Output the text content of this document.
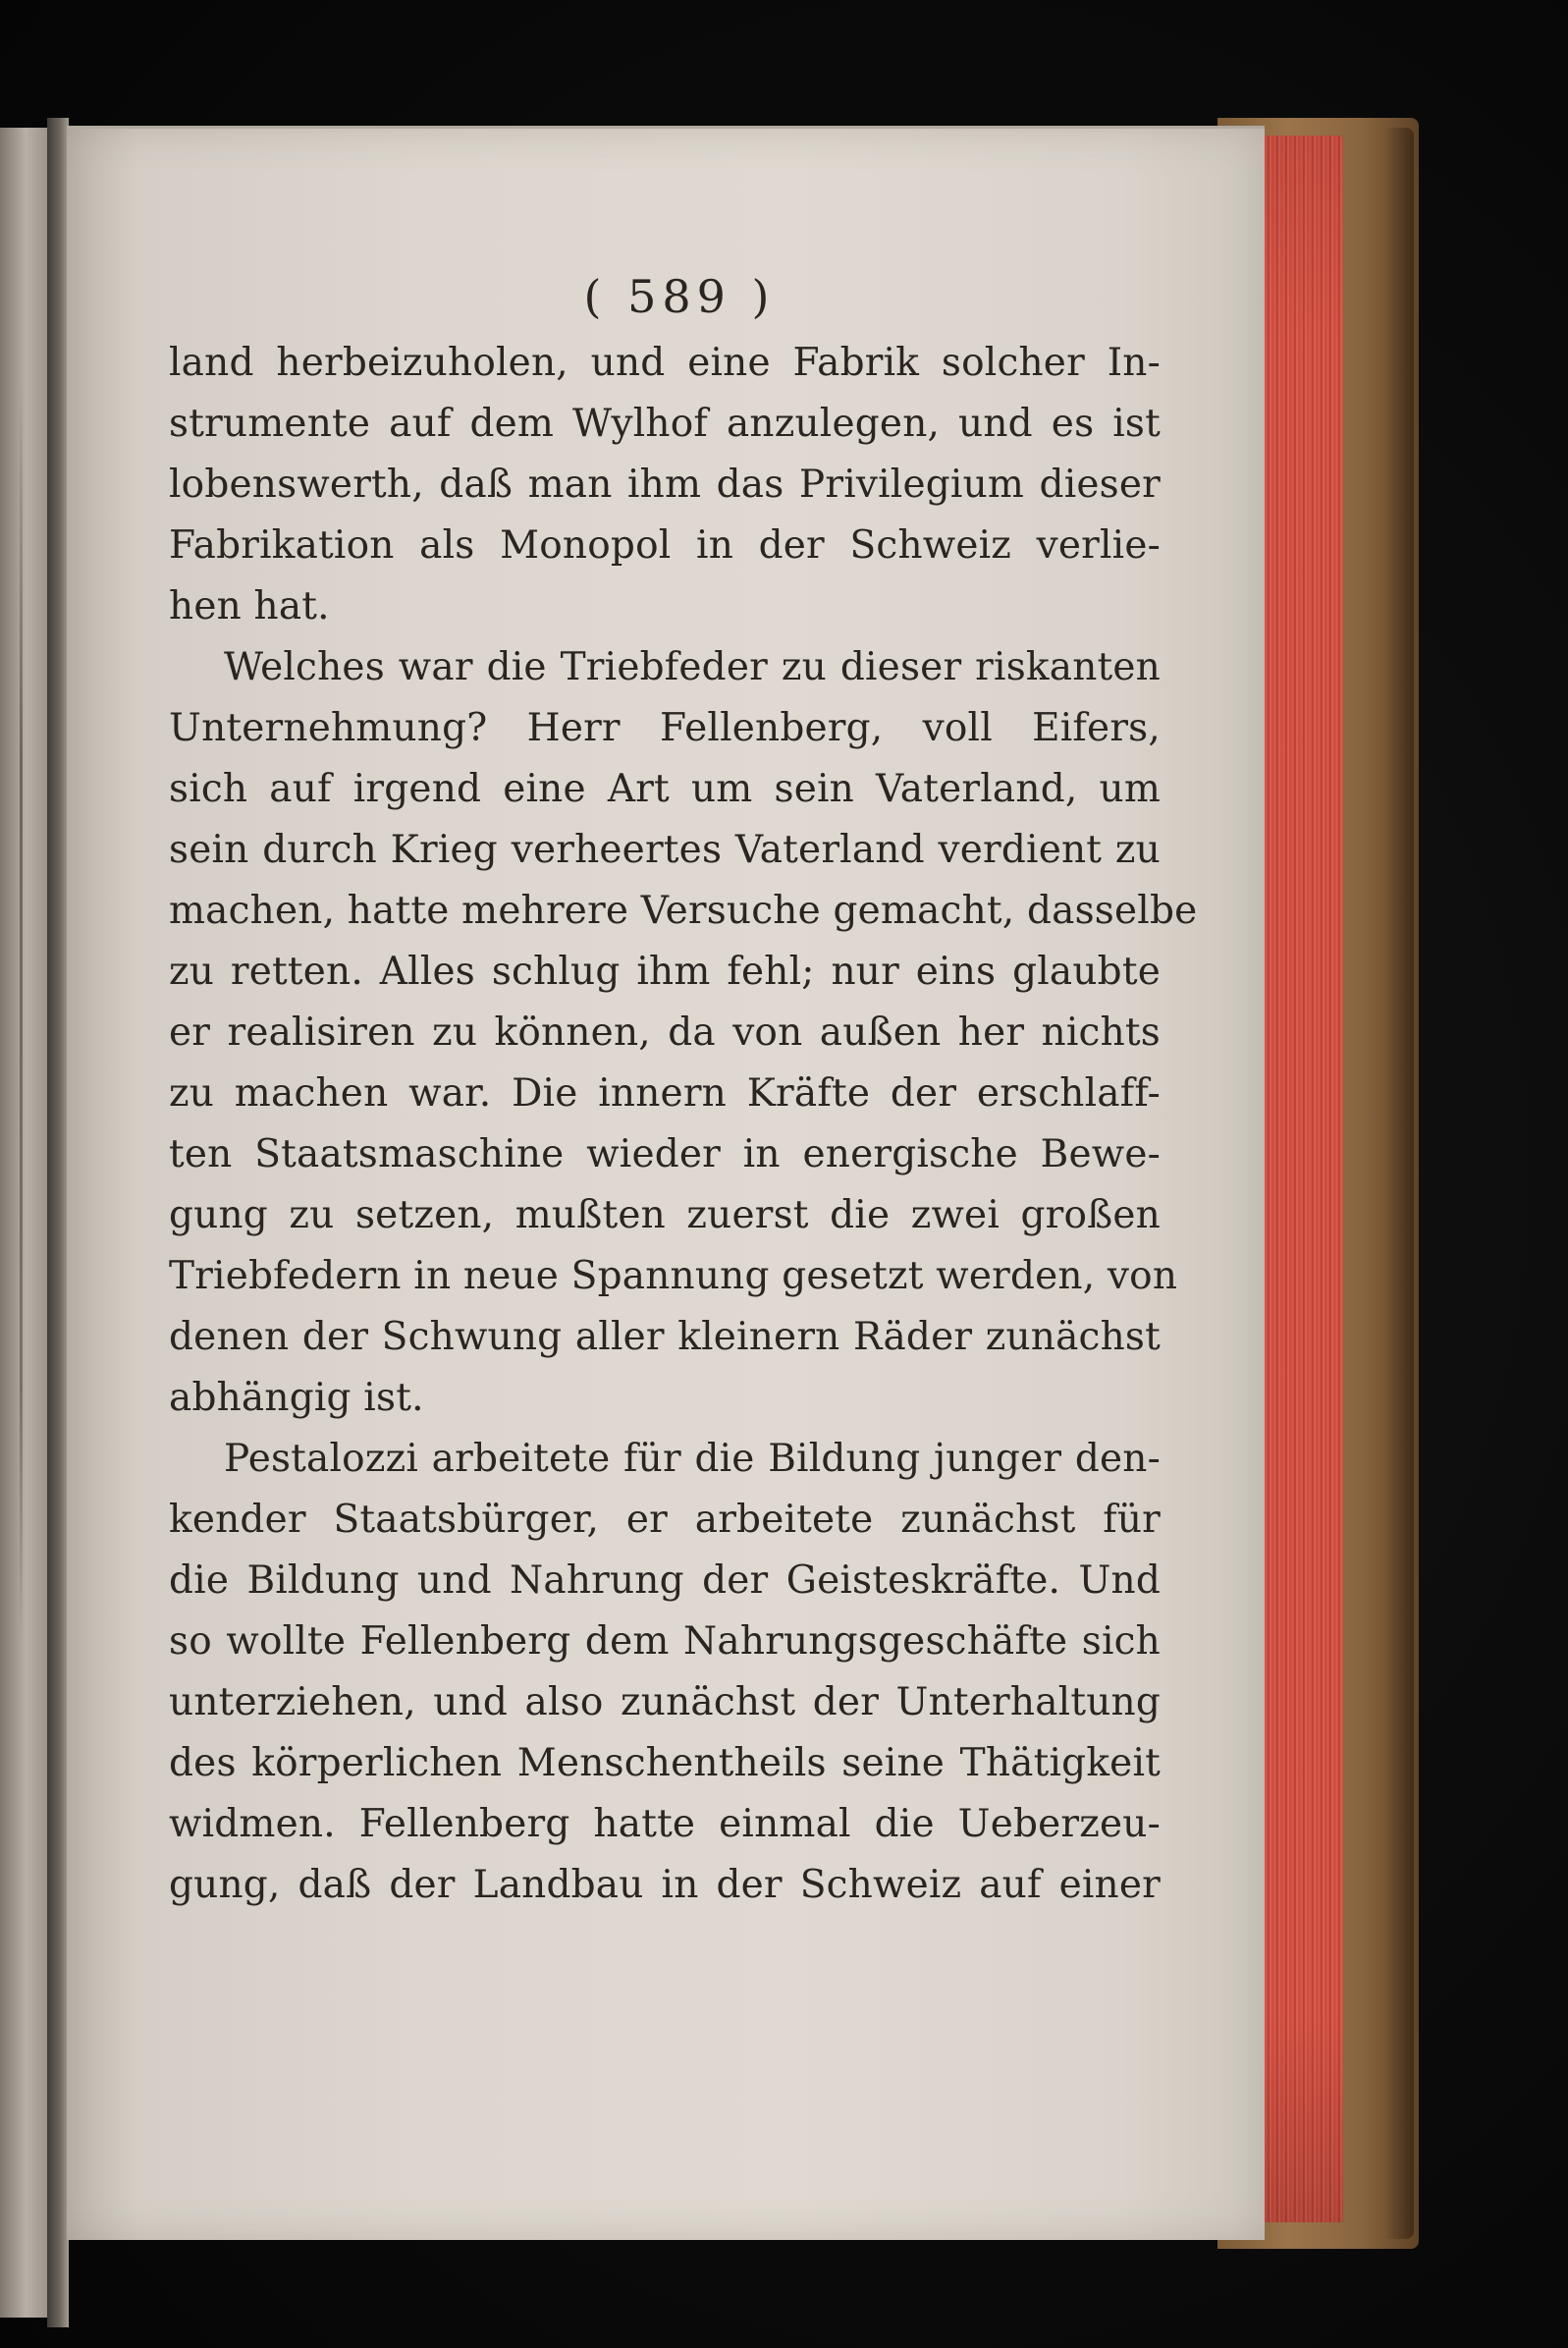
( 589 )
land herbeizuholen, und eine Fabrik solcher In-
strumente auf dem Wylhof anzulegen, und es ist
lobenswerth, daß man ihm das Privilegium dieser
Fabrikation als Monopol in der Schweiz verlie-
hen hat.
Welches war die Triebfeder zu dieser riskanten
Unternehmung? Herr Fellenberg, voll Eifers,
sich auf irgend eine Art um sein Vaterland, um
sein durch Krieg verheertes Vaterland verdient zu
machen, hatte mehrere Versuche gemacht, dasselbe
zu retten. Alles schlug ihm fehl; nur eins glaubte
er realisiren zu können, da von außen her nichts
zu machen war. Die innern Kräfte der erschlaff-
ten Staatsmaschine wieder in energische Bewe-
gung zu setzen, mußten zuerst die zwei großen
Triebfedern in neue Spannung gesetzt werden, von
denen der Schwung aller kleinern Räder zunächst
abhängig ist.
Pestalozzi arbeitete für die Bildung junger den-
kender Staatsbürger, er arbeitete zunächst für
die Bildung und Nahrung der Geisteskräfte. Und
so wollte Fellenberg dem Nahrungsgeschäfte sich
unterziehen, und also zunächst der Unterhaltung
des körperlichen Menschentheils seine Thätigkeit
widmen. Fellenberg hatte einmal die Ueberzeu-
gung, daß der Landbau in der Schweiz auf einer
